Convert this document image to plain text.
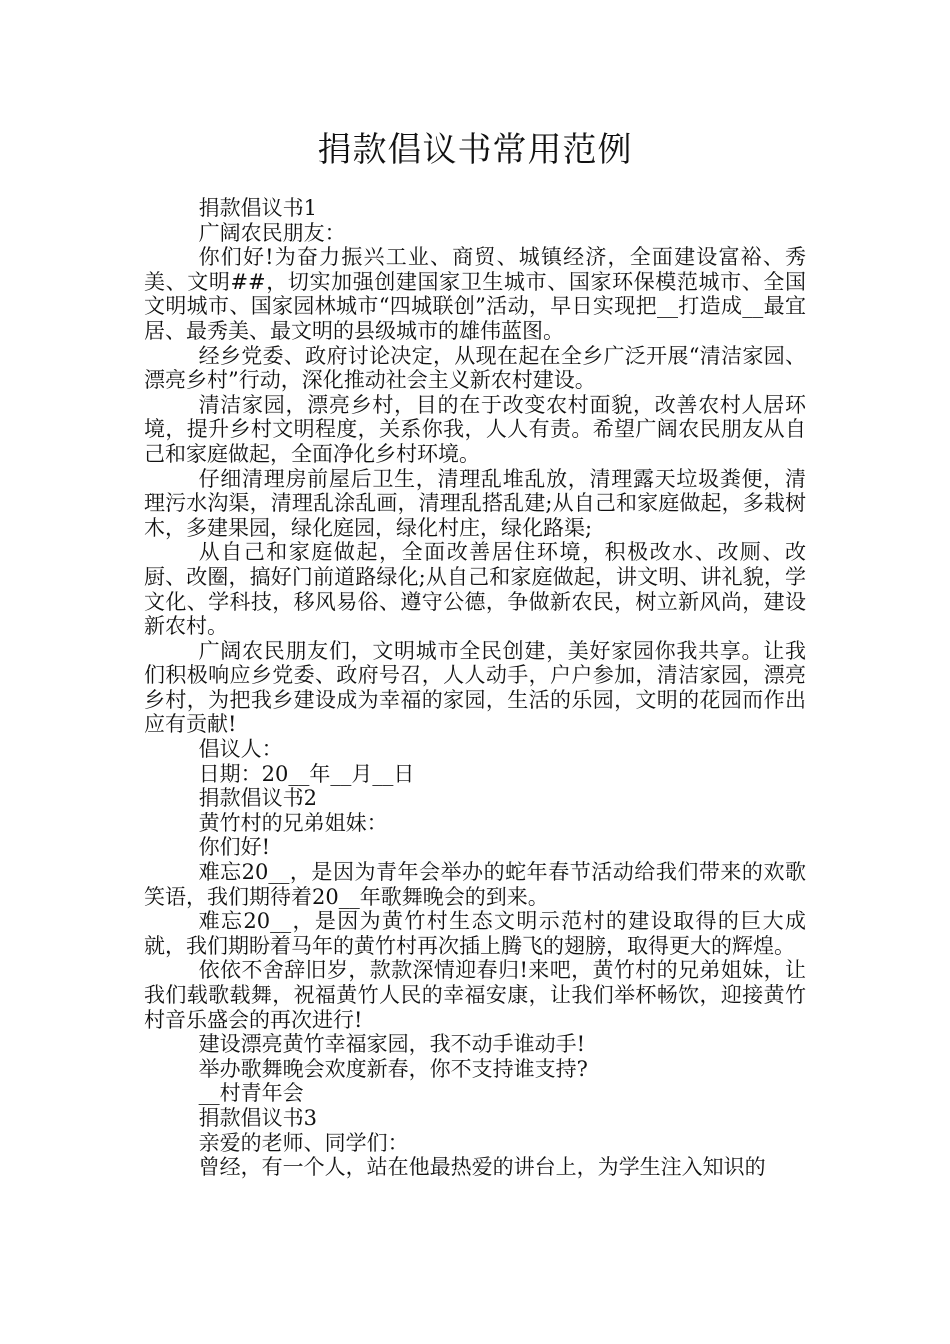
捐款倡议书常用范例

捐款倡议书1

广阔农民朋友：

你们好!为奋力振兴工业、商贸、城镇经济，全面建设富裕、秀美、文明##，切实加强创建国家卫生城市、国家环保模范城市、全国文明城市、国家园林城市“四城联创”活动，早日实现把__打造成__最宜居、最秀美、最文明的县级城市的雄伟蓝图。

经乡党委、政府讨论决定，从现在起在全乡广泛开展“清洁家园、漂亮乡村”行动，深化推动社会主义新农村建设。

清洁家园，漂亮乡村，目的在于改变农村面貌，改善农村人居环境，提升乡村文明程度，关系你我，人人有责。希望广阔农民朋友从自己和家庭做起，全面净化乡村环境。

仔细清理房前屋后卫生，清理乱堆乱放，清理露天垃圾粪便，清理污水沟渠，清理乱涂乱画，清理乱搭乱建;从自己和家庭做起，多栽树木，多建果园，绿化庭园，绿化村庄，绿化路渠;

从自己和家庭做起，全面改善居住环境，积极改水、改厕、改厨、改圈，搞好门前道路绿化;从自己和家庭做起，讲文明、讲礼貌，学文化、学科技，移风易俗、遵守公德，争做新农民，树立新风尚，建设新农村。

广阔农民朋友们，文明城市全民创建，美好家园你我共享。让我们积极响应乡党委、政府号召，人人动手，户户参加，清洁家园，漂亮乡村，为把我乡建设成为幸福的家园，生活的乐园，文明的花园而作出应有贡献!

倡议人：

日期：20__年__月__日

捐款倡议书2

黄竹村的兄弟姐妹：

你们好!

难忘20__，是因为青年会举办的蛇年春节活动给我们带来的欢歌笑语，我们期待着20__年歌舞晚会的到来。

难忘20__，是因为黄竹村生态文明示范村的建设取得的巨大成就，我们期盼着马年的黄竹村再次插上腾飞的翅膀，取得更大的辉煌。

依依不舍辞旧岁，款款深情迎春归!来吧，黄竹村的兄弟姐妹，让我们载歌载舞，祝福黄竹人民的幸福安康，让我们举杯畅饮，迎接黄竹村音乐盛会的再次进行!

建设漂亮黄竹幸福家园，我不动手谁动手!

举办歌舞晚会欢度新春，你不支持谁支持?

__村青年会

捐款倡议书3

亲爱的老师、同学们：

曾经，有一个人，站在他最热爱的讲台上，为学生注入知识的
